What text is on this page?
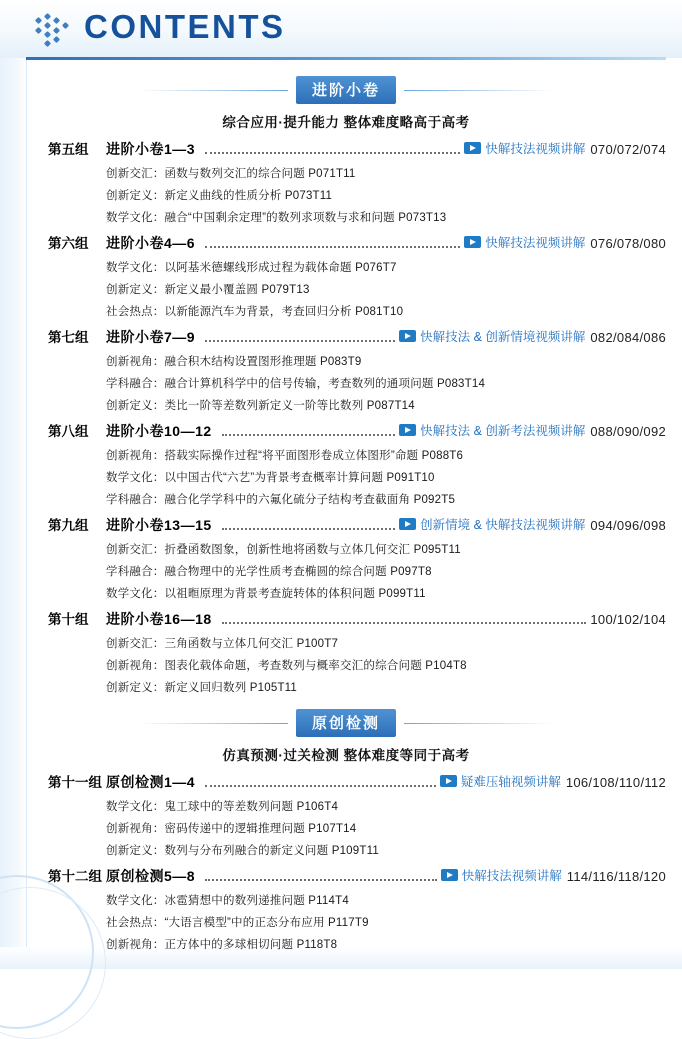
CONTENTS
进阶小卷
综合应用·提升能力 整体难度略高于高考
第五组	进阶小卷1—3	快解技法视频讲解 070/072/074
创新交汇：函数与数列交汇的综合问题 P071T11
创新定义：新定义曲线的性质分析 P073T11
数学文化：融合“中国剩余定理”的数列求项数与求和问题 P073T13
第六组	进阶小卷4—6	快解技法视频讲解 076/078/080
数学文化：以阿基米德螺线形成过程为载体命题 P076T7
创新定义：新定义最小覆盖圆 P079T13
社会热点：以新能源汽车为背景，考查回归分析 P081T10
第七组	进阶小卷7—9	快解技法 & 创新情境视频讲解 082/084/086
创新视角：融合积木结构设置图形推理题 P083T9
学科融合：融合计算机科学中的信号传输，考查数列的通项问题 P083T14
创新定义：类比一阶等差数列新定义一阶等比数列 P087T14
第八组	进阶小卷10—12	快解技法 & 创新考法视频讲解 088/090/092
创新视角：搭载实际操作过程“将平面图形卷成立体图形”命题 P088T6
数学文化：以中国古代“六艺”为背景考查概率计算问题 P091T10
学科融合：融合化学学科中的六氟化硫分子结构考查截面角 P092T5
第九组	进阶小卷13—15	创新情境 & 快解技法视频讲解 094/096/098
创新交汇：折叠函数图象，创新性地将函数与立体几何交汇 P095T11
学科融合：融合物理中的光学性质考查椭圆的综合问题 P097T8
数学文化：以祖暅原理为背景考查旋转体的体积问题 P099T11
第十组	进阶小卷16—18	100/102/104
创新交汇：三角函数与立体几何交汇 P100T7
创新视角：图表化载体命题，考查数列与概率交汇的综合问题 P104T8
创新定义：新定义回归数列 P105T11
原创检测
仿真预测·过关检测 整体难度等同于高考
第十一组 原创检测1—4	疑难压轴视频讲解 106/108/110/112
数学文化：鬼工球中的等差数列问题 P106T4
创新视角：密码传递中的逻辑推理问题 P107T14
创新定义：数列与分布列融合的新定义问题 P109T11
第十二组 原创检测5—8	快解技法视频讲解 114/116/118/120
数学文化：冰雹猜想中的数列递推问题 P114T4
社会热点：“大语言模型”中的正态分布应用 P117T9
创新视角：正方体中的多球相切问题 P118T8
